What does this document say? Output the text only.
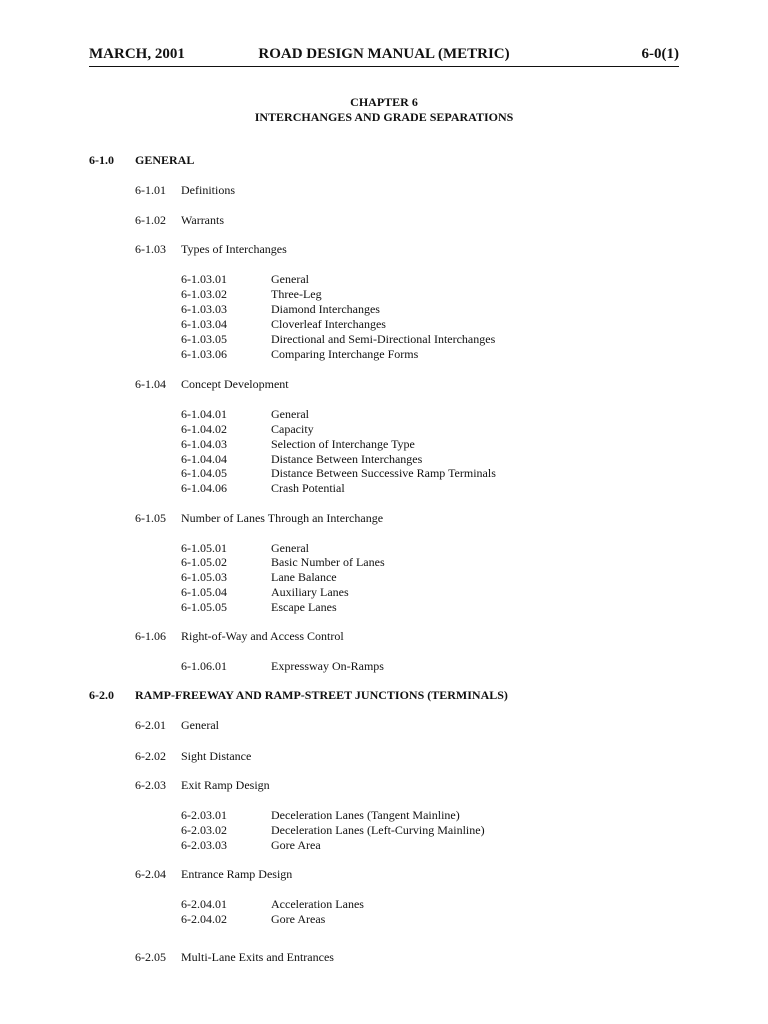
MARCH, 2001	ROAD DESIGN MANUAL (METRIC)	6-0(1)
CHAPTER 6
INTERCHANGES AND GRADE SEPARATIONS
6-1.0 GENERAL
6-1.01 Definitions
6-1.02 Warrants
6-1.03 Types of Interchanges
6-1.03.01	General
6-1.03.02	Three-Leg
6-1.03.03	Diamond Interchanges
6-1.03.04	Cloverleaf Interchanges
6-1.03.05	Directional and Semi-Directional Interchanges
6-1.03.06	Comparing Interchange Forms
6-1.04 Concept Development
6-1.04.01	General
6-1.04.02	Capacity
6-1.04.03	Selection of Interchange Type
6-1.04.04	Distance Between Interchanges
6-1.04.05	Distance Between Successive Ramp Terminals
6-1.04.06	Crash Potential
6-1.05 Number of Lanes Through an Interchange
6-1.05.01	General
6-1.05.02	Basic Number of Lanes
6-1.05.03	Lane Balance
6-1.05.04	Auxiliary Lanes
6-1.05.05	Escape Lanes
6-1.06 Right-of-Way and Access Control
6-1.06.01	Expressway On-Ramps
6-2.0 RAMP-FREEWAY AND RAMP-STREET JUNCTIONS (TERMINALS)
6-2.01 General
6-2.02 Sight Distance
6-2.03 Exit Ramp Design
6-2.03.01	Deceleration Lanes (Tangent Mainline)
6-2.03.02	Deceleration Lanes (Left-Curving Mainline)
6-2.03.03	Gore Area
6-2.04 Entrance Ramp Design
6-2.04.01	Acceleration Lanes
6-2.04.02	Gore Areas
6-2.05 Multi-Lane Exits and Entrances
